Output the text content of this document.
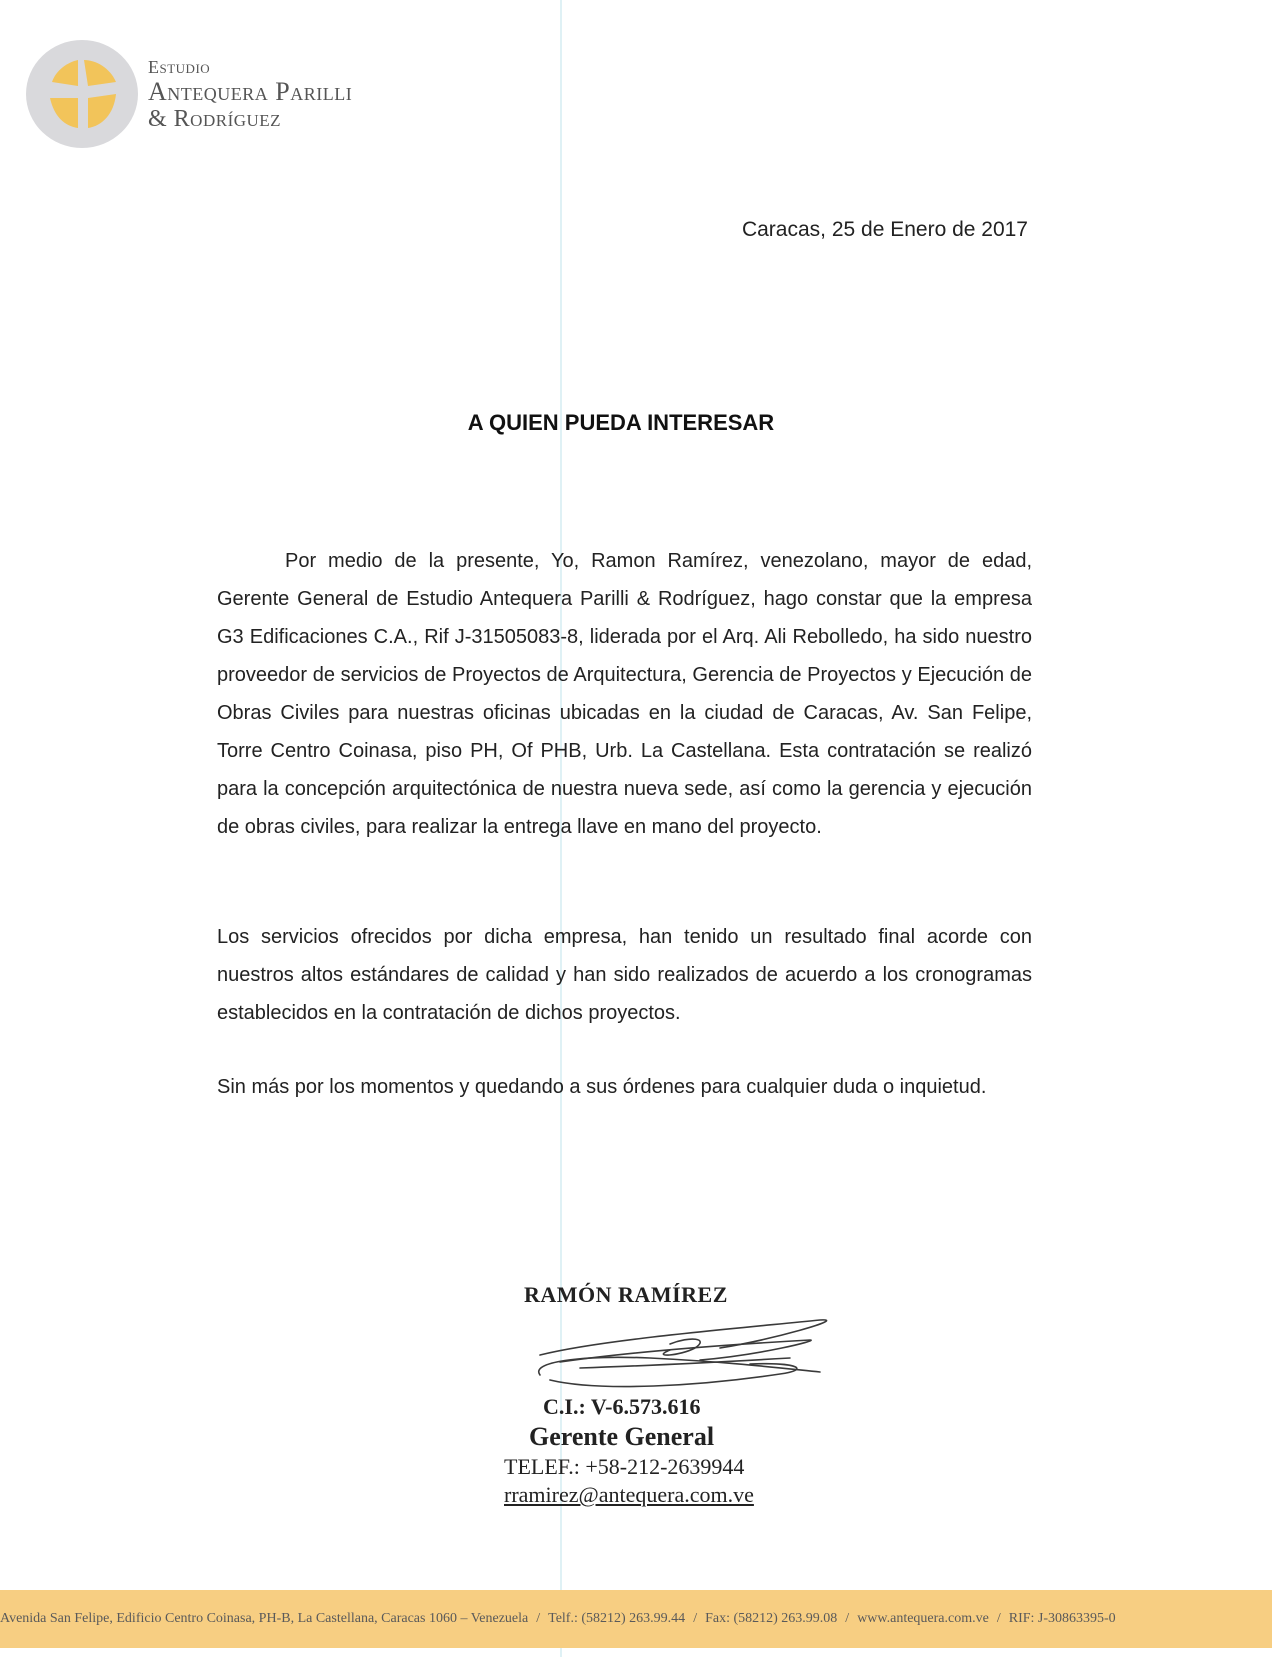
Estudio
Antequera Parilli
& Rodríguez
Caracas, 25 de Enero de 2017
A QUIEN PUEDA INTERESAR
Por medio de la presente, Yo, Ramon Ramírez, venezolano, mayor de edad, Gerente General de Estudio Antequera Parilli & Rodríguez, hago constar que la empresa G3 Edificaciones C.A., Rif J-31505083-8, liderada por el Arq. Ali Rebolledo, ha sido nuestro proveedor de servicios de Proyectos de Arquitectura, Gerencia de Proyectos y Ejecución de Obras Civiles para nuestras oficinas ubicadas en la ciudad de Caracas, Av. San Felipe, Torre Centro Coinasa, piso PH, Of PHB, Urb. La Castellana. Esta contratación se realizó para la concepción arquitectónica de nuestra nueva sede, así como la gerencia y ejecución de obras civiles, para realizar la entrega llave en mano del proyecto.
Los servicios ofrecidos por dicha empresa, han tenido un resultado final acorde con nuestros altos estándares de calidad y han sido realizados de acuerdo a los cronogramas establecidos en la contratación de dichos proyectos.
Sin más por los momentos y quedando a sus órdenes para cualquier duda o inquietud.
RAMÓN RAMÍREZ
C.I.: V-6.573.616
Gerente General
TELEF.: +58-212-2639944
rramirez@antequera.com.ve
Avenida San Felipe, Edificio Centro Coinasa, PH-B, La Castellana, Caracas 1060 – Venezuela / Telf.: (58212) 263.99.44 / Fax: (58212) 263.99.08 / www.antequera.com.ve / RIF: J-30863395-0
